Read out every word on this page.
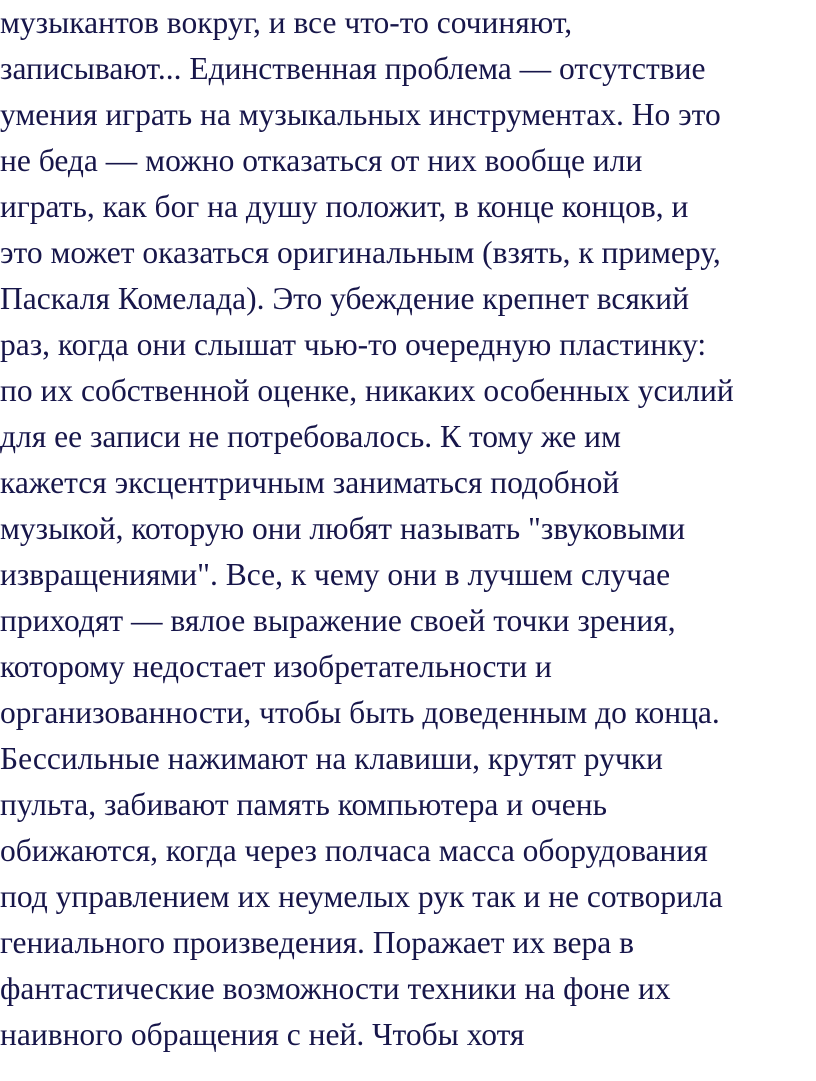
музыкантов вокруг, и все что-то сочиняют,
записывают... Единственная проблема — отсутствие
умения играть на музыкальных инструментах. Но это
не беда — можно отказаться от них вообще или
играть, как бог на душу положит, в конце концов, и
это может оказаться оригинальным (взять, к примеру,
Паскаля Комелада). Это убеждение крепнет всякий
раз, когда они слышат чью-то очередную пластинку:
по их собственной оценке, никаких особенных усилий
для ее записи не потребовалось. К тому же им
кажется эксцентричным заниматься подобной
музыкой, которую они любят называть "звуковыми
извращениями". Все, к чему они в лучшем случае
приходят — вялое выражение своей точки зрения,
которому недостает изобретательности и
организованности, чтобы быть доведенным до конца.
Бессильные нажимают на клавиши, крутят ручки
пульта, забивают память компьютера и очень
обижаются, когда через полчаса масса оборудования
под управлением их неумелых рук так и не сотворила
гениального произведения. Поражает их вера в
фантастические возможности техники на фоне их
наивного обращения с ней. Чтобы хотя
